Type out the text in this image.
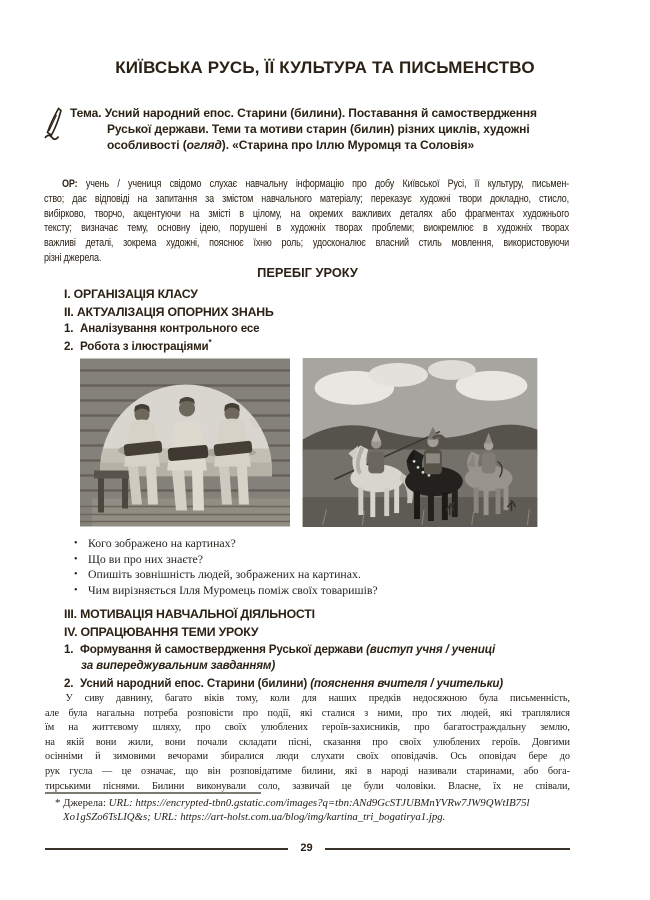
КИЇВСЬКА РУСЬ, ЇЇ КУЛЬТУРА ТА ПИСЬМЕНСТВО
Тема. Усний народний епос. Старини (билини). Поставання й самоствердження
Руської держави. Теми та мотиви старин (билин) різних циклів, художні
особливості (огляд). «Старина про Іллю Муромця та Соловія»
ОР: учень / учениця свідомо слухає навчальну інформацію про добу Київської Русі, її культуру, письмен-
ство; дає відповіді на запитання за змістом навчального матеріалу; переказує художні твори докладно, стисло,
вибірково, творчо, акцентуючи на змісті в цілому, на окремих важливих деталях або фрагментах художнього
тексту; визначає тему, основну ідею, порушені в художніх творах проблеми; виокремлює в художніх творах
важливі деталі, зокрема художні, пояснює їхню роль; удосконалює власний стиль мовлення, використовуючи
різні джерела.
ПЕРЕБІГ УРОКУ
І. ОРГАНІЗАЦІЯ КЛАСУ
ІІ. АКТУАЛІЗАЦІЯ ОПОРНИХ ЗНАНЬ
1. Аналізування контрольного есе
2. Робота з ілюстраціями*
• Кого зображено на картинах?
• Що ви про них знаєте?
• Опишіть зовнішність людей, зображених на картинах.
• Чим вирізняється Ілля Муромець поміж своїх товаришів?
ІІІ. МОТИВАЦІЯ НАВЧАЛЬНОЇ ДІЯЛЬНОСТІ
IV. ОПРАЦЮВАННЯ ТЕМИ УРОКУ
1. Формування й самоствердження Руської держави (виступ учня / учениці
за випереджувальним завданням)
2. Усний народний епос. Старини (билини) (пояснення вчителя / учительки)
У сиву давнину, багато віків тому, коли для наших предків недосяжною була письменність,
але була нагальна потреба розповісти про події, які сталися з ними, про тих людей, які траплялися
їм на життєвому шляху, про своїх улюблених героїв-захисників, про багатостраждальну землю,
на якій вони жили, вони почали складати пісні, сказання про своїх улюблених героїв. Довгими
осінніми й зимовими вечорами збиралися люди слухати своїх оповідачів. Ось оповідач бере до
рук гусла — це означає, що він розповідатиме билини, які в народі називали старинами, або бога-
тирськими піснями. Билини виконували соло, зазвичай це були чоловіки. Власне, їх не співали,
* Джерела: URL: https://encrypted-tbn0.gstatic.com/images?q=tbn:ANd9GcSTJUBMnYVRw7JW9QWtIB75l
Xo1gSZo6TsLIQ&s; URL: https://art-holst.com.ua/blog/img/kartina_tri_bogatirya1.jpg.
29
